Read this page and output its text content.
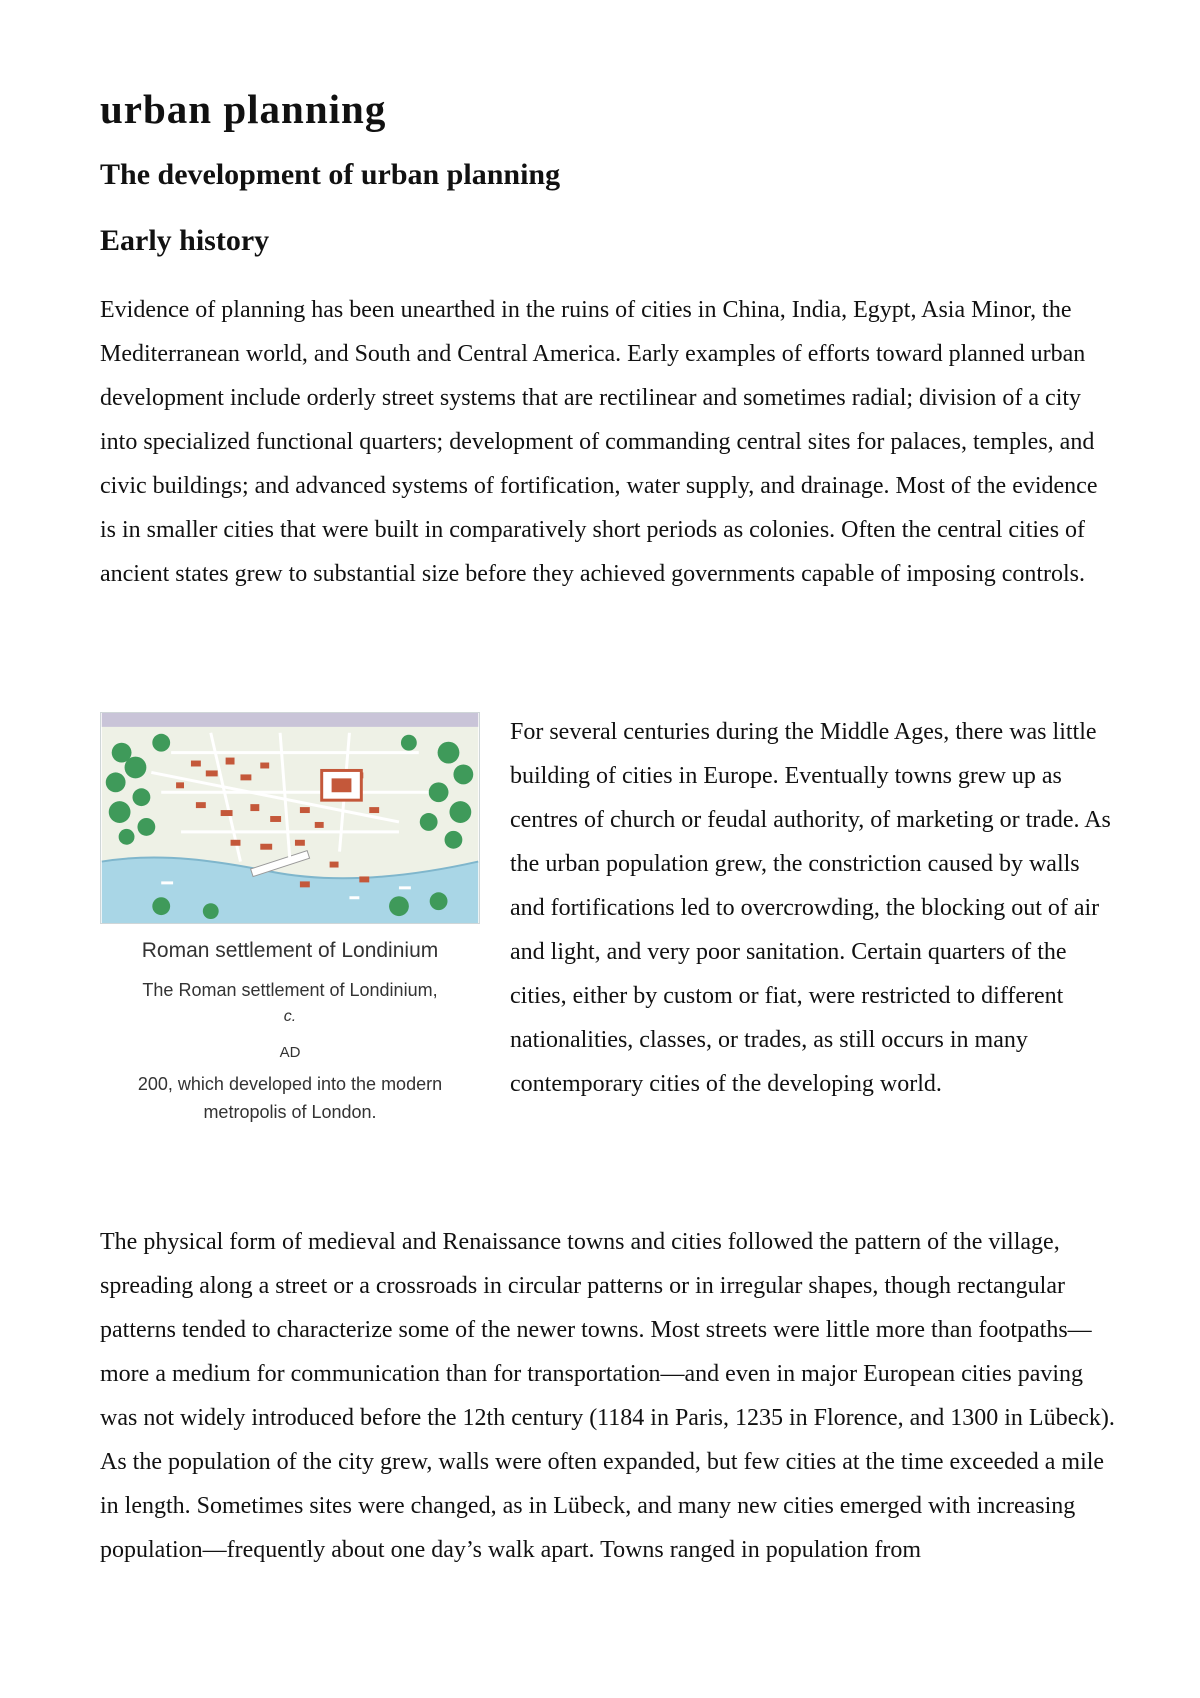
urban planning
The development of urban planning
Early history

Evidence of planning has been unearthed in the ruins of cities in China, India, Egypt, Asia Minor, the Mediterranean world, and South and Central America. Early examples of efforts toward planned urban development include orderly street systems that are rectilinear and sometimes radial; division of a city into specialized functional quarters; development of commanding central sites for palaces, temples, and civic buildings; and advanced systems of fortification, water supply, and drainage. Most of the evidence is in smaller cities that were built in comparatively short periods as colonies. Often the central cities of ancient states grew to substantial size before they achieved governments capable of imposing controls.

Roman settlement of Londinium
The Roman settlement of Londinium,
c.
AD
200, which developed into the modern metropolis of London.

For several centuries during the Middle Ages, there was little building of cities in Europe. Eventually towns grew up as centres of church or feudal authority, of marketing or trade. As the urban population grew, the constriction caused by walls and fortifications led to overcrowding, the blocking out of air and light, and very poor sanitation. Certain quarters of the cities, either by custom or fiat, were restricted to different nationalities, classes, or trades, as still occurs in many contemporary cities of the developing world.

The physical form of medieval and Renaissance towns and cities followed the pattern of the village, spreading along a street or a crossroads in circular patterns or in irregular shapes, though rectangular patterns tended to characterize some of the newer towns. Most streets were little more than footpaths—more a medium for communication than for transportation—and even in major European cities paving was not widely introduced before the 12th century (1184 in Paris, 1235 in Florence, and 1300 in Lübeck). As the population of the city grew, walls were often expanded, but few cities at the time exceeded a mile in length. Sometimes sites were changed, as in Lübeck, and many new cities emerged with increasing population—frequently about one day’s walk apart. Towns ranged in population from
